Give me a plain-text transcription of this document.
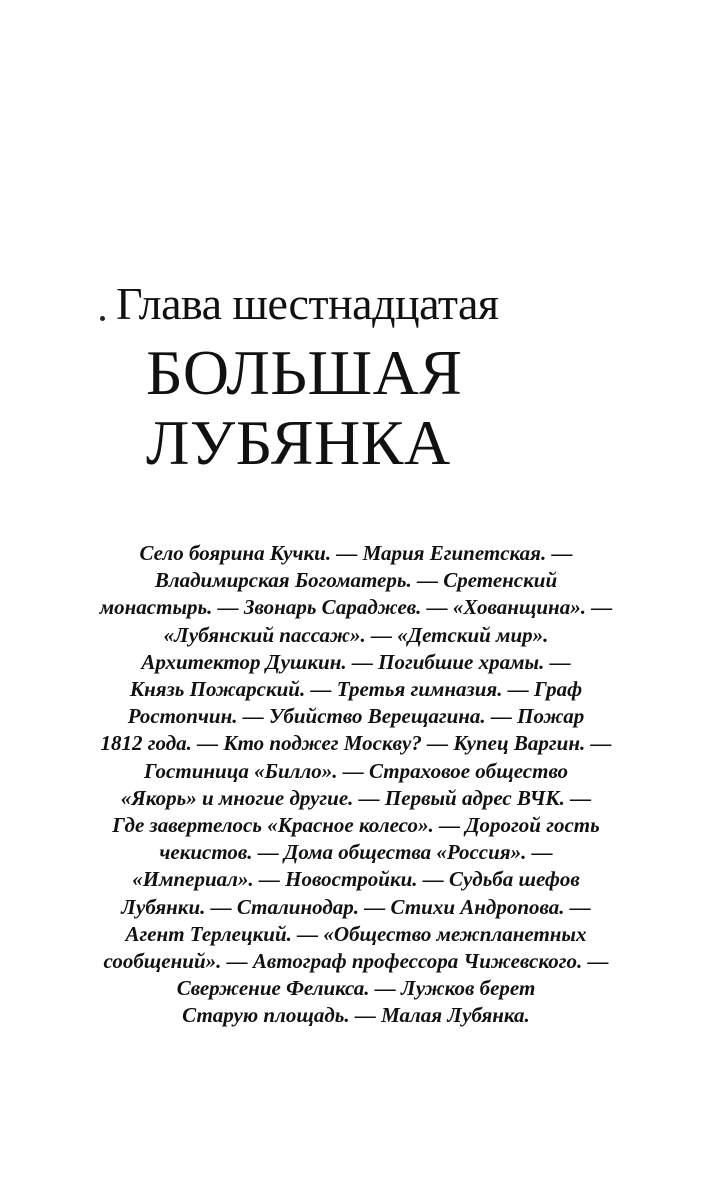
Глава шестнадцатая
БОЛЬШАЯ
ЛУБЯНКА
Село боярина Кучки. — Мария Египетская. —
Владимирская Богоматерь. — Сретенский
монастырь. — Звонарь Сараджев. — «Хованщина». —
«Лубянский пассаж». — «Детский мир».
Архитектор Душкин. — Погибшие храмы. —
Князь Пожарский. — Третья гимназия. — Граф
Ростопчин. — Убийство Верещагина. — Пожар
1812 года. — Кто поджег Москву? — Купец Варгин. —
Гостиница «Билло». — Страховое общество
«Якорь» и многие другие. — Первый адрес ВЧК. —
Где завертелось «Красное колесо». — Дорогой гость
чекистов. — Дома общества «Россия». —
«Империал». — Новостройки. — Судьба шефов
Лубянки. — Сталинодар. — Стихи Андропова. —
Агент Терлецкий. — «Общество межпланетных
сообщений». — Автограф профессора Чижевского. —
Свержение Феликса. — Лужков берет
Старую площадь. — Малая Лубянка.
